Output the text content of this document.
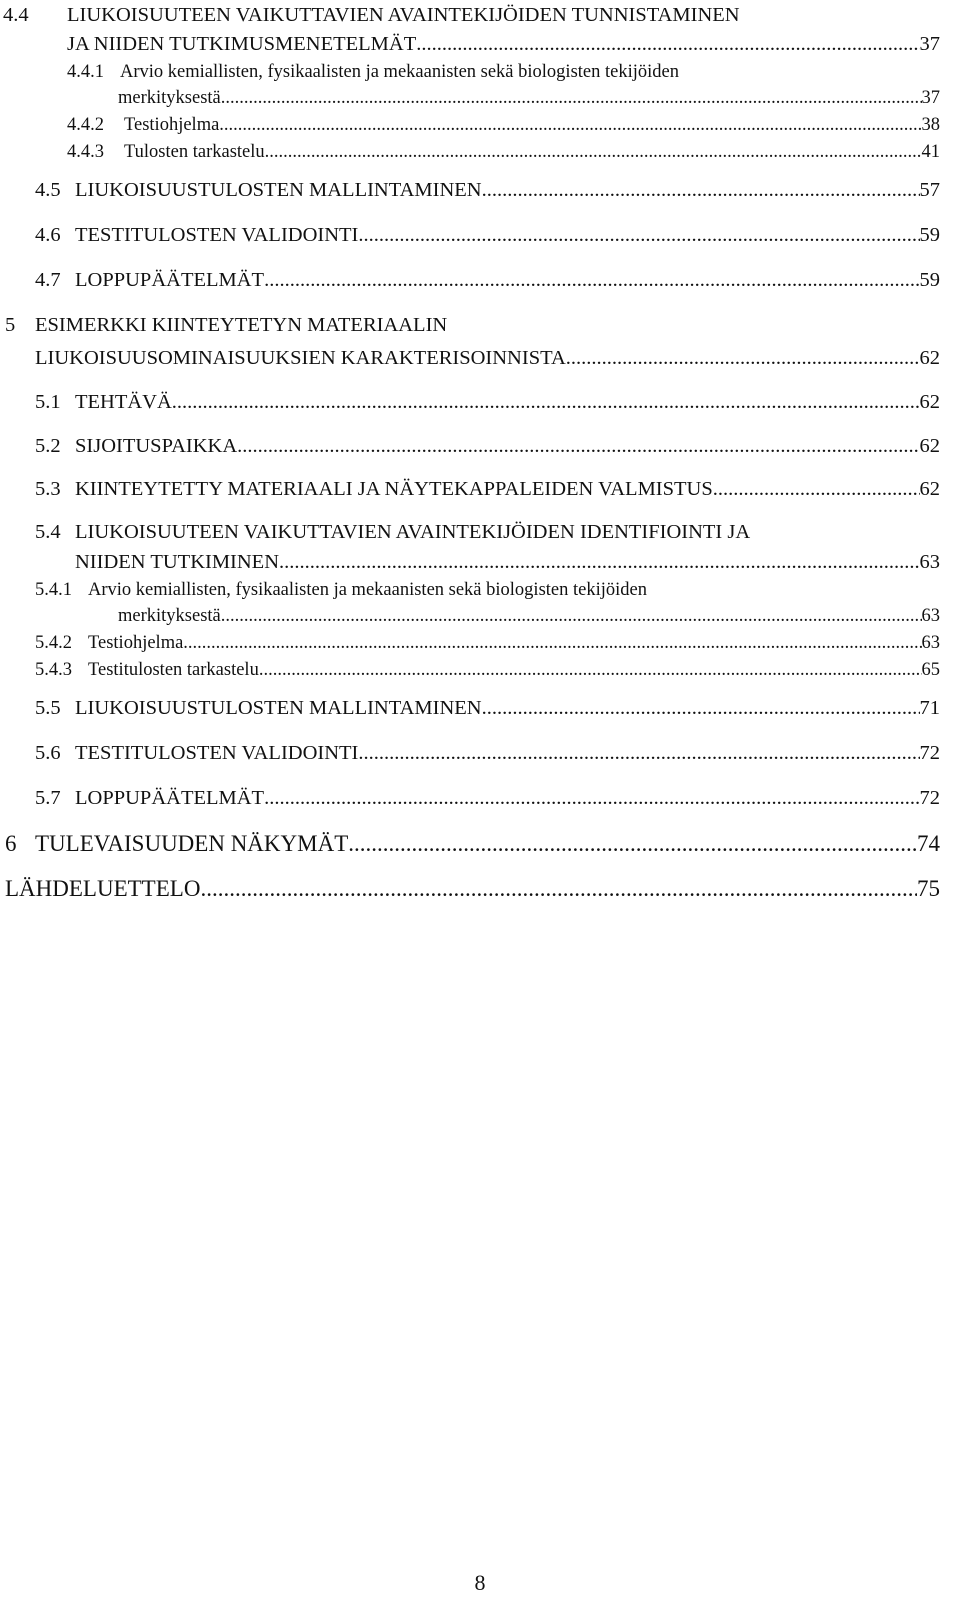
4.4 LIUKOISUUTEEN VAIKUTTAVIEN AVAINTEKIJÖIDEN TUNNISTAMINEN
JA NIIDEN TUTKIMUSMENETELMÄT .....	37
4.4.1 Arvio kemiallisten, fysikaalisten ja mekaanisten sekä biologisten tekijöiden
merkityksestä .....	37
4.4.2 Testiohjelma .....	38
4.4.3 Tulosten tarkastelu .....	41
4.5 LIUKOISUUSTULOSTEN MALLINTAMINEN .....	57
4.6 TESTITULOSTEN VALIDOINTI .....	59
4.7 LOPPUPÄÄTELMÄT .....	59
5 ESIMERKKI KIINTEYTETYN MATERIAALIN
LIUKOISUUSOMINAISUUKSIEN KARAKTERISOINNISTA .....	62
5.1 TEHTÄVÄ .....	62
5.2 SIJOITUSPAIKKA .....	62
5.3 KIINTEYTETTY MATERIAALI JA NÄYTEKAPPALEIDEN VALMISTUS .....	62
5.4 LIUKOISUUTEEN VAIKUTTAVIEN AVAINTEKIJÖIDEN IDENTIFIOINTI JA
NIIDEN TUTKIMINEN .....	63
5.4.1 Arvio kemiallisten, fysikaalisten ja mekaanisten sekä biologisten tekijöiden
merkityksestä .....	63
5.4.2 Testiohjelma .....	63
5.4.3 Testitulosten tarkastelu .....	65
5.5 LIUKOISUUSTULOSTEN MALLINTAMINEN .....	71
5.6 TESTITULOSTEN VALIDOINTI .....	72
5.7 LOPPUPÄÄTELMÄT .....	72
6 TULEVAISUUDEN NÄKYMÄT .....	74
LÄHDELUETTELO .....	75
8
